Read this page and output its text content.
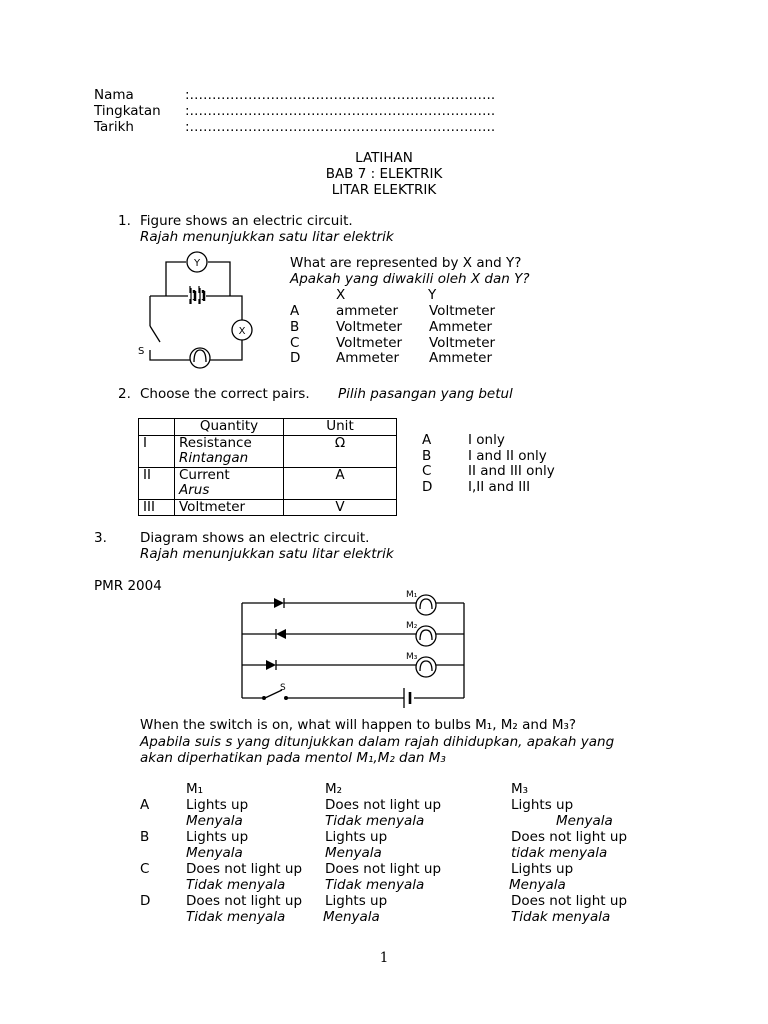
Nama	:…………………………………………………………..
Tingkatan :…………………………………………………………..
Tarikh	:…………………………………………………………..
LATIHAN
BAB 7 : ELEKTRIK
LITAR ELEKTRIK
1. Figure shows an electric circuit.
Rajah menunjukkan satu litar elektrik
Y
X
S
What are represented by X and Y?
Apakah yang diwakili oleh X dan Y?
X	Y
A	ammeter Voltmeter
B	Voltmeter Ammeter
C	Voltmeter Voltmeter
D	Ammeter Ammeter
2. Choose the correct pairs. Pilih pasangan yang betul
	Quantity	Unit
I	Resistance
Rintangan	Ω
II	Current
Arus	A
III	Voltmeter	V
A	I only
B	I and II only
C	II and III only
D	I,II and III
3. Diagram shows an electric circuit.
Rajah menunjukkan satu litar elektrik
PMR 2004
M₁
M₂
M₃
S
When the switch is on, what will happen to bulbs M₁, M₂ and M₃?
Apabila suis s yang ditunjukkan dalam rajah dihidupkan, apakah yang
akan diperhatikan pada mentol M₁,M₂ dan M₃
M₁	M₂	M₃
A	Lights up	Does not light up	Lights up
Menyala	Tidak menyala	Menyala
B	Lights up	Lights up	Does not light up
Menyala	Menyala	tidak menyala
C	Does not light up Does not light up	Lights up
Tidak menyala	Tidak menyala	Menyala
D	Does not light up Lights up	Does not light up
Tidak menyala	Menyala	Tidak menyala
1
